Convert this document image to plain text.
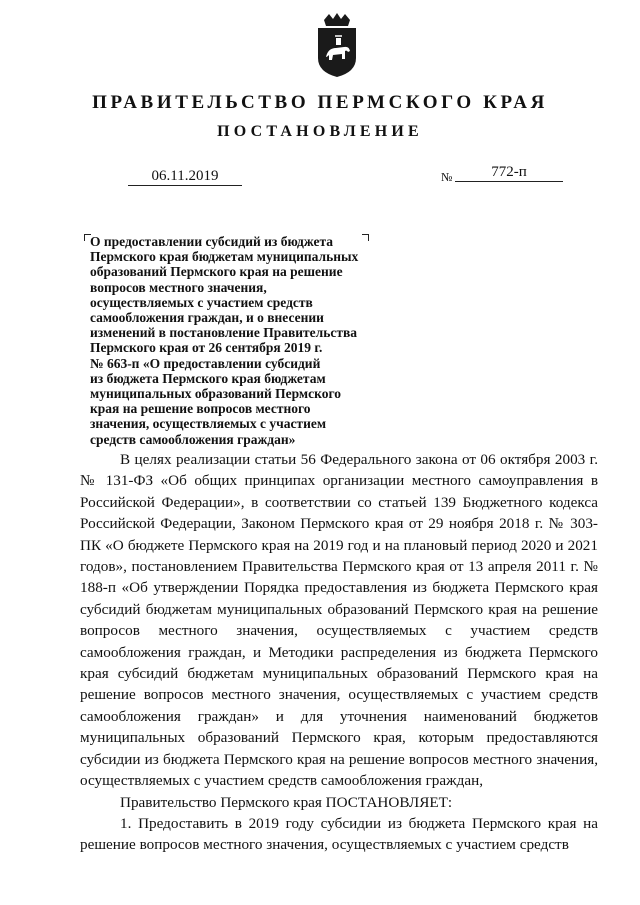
ПРАВИТЕЛЬСТВО ПЕРМСКОГО КРАЯ
ПОСТАНОВЛЕНИЕ
06.11.2019	№	772-п
О предоставлении субсидий из бюджета
Пермского края бюджетам муниципальных
образований Пермского края на решение
вопросов местного значения,
осуществляемых с участием средств
самообложения граждан, и о внесении
изменений в постановление Правительства
Пермского края от 26 сентября 2019 г.
№ 663-п «О предоставлении субсидий
из бюджета Пермского края бюджетам
муниципальных образований Пермского
края на решение вопросов местного
значения, осуществляемых с участием
средств самообложения граждан»

В целях реализации статьи 56 Федерального закона от 06 октября 2003 г. № 131-ФЗ «Об общих принципах организации местного самоуправления в Российской Федерации», в соответствии со статьей 139 Бюджетного кодекса Российской Федерации, Законом Пермского края от 29 ноября 2018 г. № 303-ПК «О бюджете Пермского края на 2019 год и на плановый период 2020 и 2021 годов», постановлением Правительства Пермского края от 13 апреля 2011 г. № 188-п «Об утверждении Порядка предоставления из бюджета Пермского края субсидий бюджетам муниципальных образований Пермского края на решение вопросов местного значения, осуществляемых с участием средств самообложения граждан, и Методики распределения из бюджета Пермского края субсидий бюджетам муниципальных образований Пермского края на решение вопросов местного значения, осуществляемых с участием средств самообложения граждан» и для уточнения наименований бюджетов муниципальных образований Пермского края, которым предоставляются субсидии из бюджета Пермского края на решение вопросов местного значения, осуществляемых с участием средств самообложения граждан,

Правительство Пермского края ПОСТАНОВЛЯЕТ:

1. Предоставить в 2019 году субсидии из бюджета Пермского края на решение вопросов местного значения, осуществляемых с участием средств
